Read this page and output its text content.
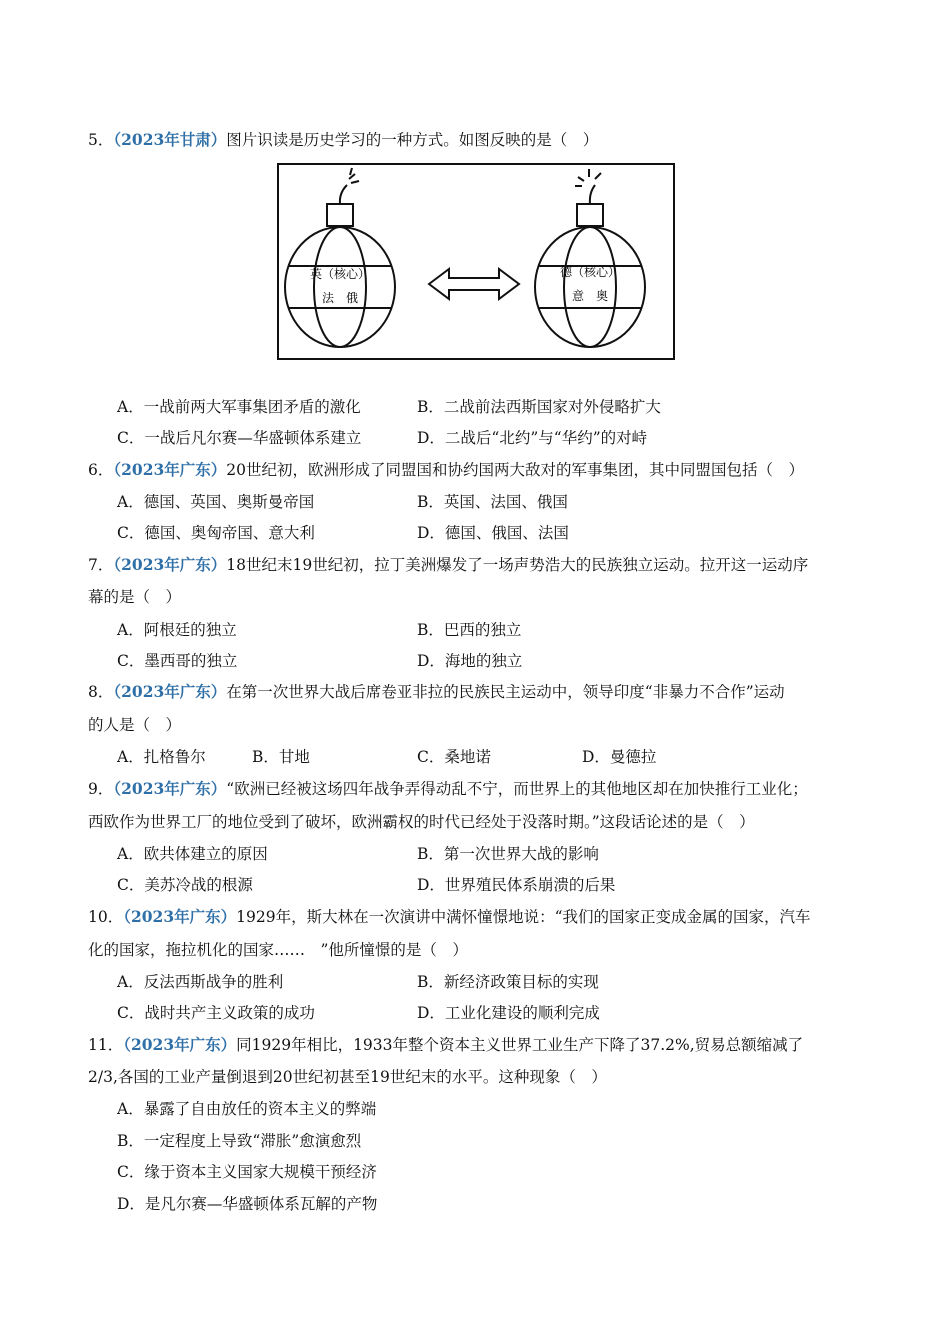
5．（2023年甘肃）图片识读是历史学习的一种方式。如图反映的是（　）
英（核心）
法　俄
德（核心）
意　奥
A．一战前两大军事集团矛盾的激化	B．二战前法西斯国家对外侵略扩大
C．一战后凡尔赛—华盛顿体系建立	D．二战后“北约”与“华约”的对峙
6．（2023年广东）20世纪初，欧洲形成了同盟国和协约国两大敌对的军事集团，其中同盟国包括（　）
A．德国、英国、奥斯曼帝国	B．英国、法国、俄国
C．德国、奥匈帝国、意大利	D．德国、俄国、法国
7．（2023年广东）18世纪末19世纪初，拉丁美洲爆发了一场声势浩大的民族独立运动。拉开这一运动序
幕的是（　）
A．阿根廷的独立	B．巴西的独立
C．墨西哥的独立	D．海地的独立
8．（2023年广东）在第一次世界大战后席卷亚非拉的民族民主运动中，领导印度“非暴力不合作”运动
的人是（　）
A．扎格鲁尔	B．甘地	C．桑地诺	D．曼德拉
9．（2023年广东）“欧洲已经被这场四年战争弄得动乱不宁，而世界上的其他地区却在加快推行工业化；
西欧作为世界工厂的地位受到了破坏，欧洲霸权的时代已经处于没落时期。”这段话论述的是（　）
A．欧共体建立的原因	B．第一次世界大战的影响
C．美苏冷战的根源	D．世界殖民体系崩溃的后果
10．（2023年广东）1929年，斯大林在一次演讲中满怀憧憬地说：“我们的国家正变成金属的国家，汽车
化的国家，拖拉机化的国家……　”他所憧憬的是（　）
A．反法西斯战争的胜利	B．新经济政策目标的实现
C．战时共产主义政策的成功	D．工业化建设的顺利完成
11．（2023年广东）同1929年相比，1933年整个资本主义世界工业生产下降了37.2%,贸易总额缩减了
2/3,各国的工业产量倒退到20世纪初甚至19世纪末的水平。这种现象（　）
A．暴露了自由放任的资本主义的弊端
B．一定程度上导致“滞胀”愈演愈烈
C．缘于资本主义国家大规模干预经济
D．是凡尔赛—华盛顿体系瓦解的产物
